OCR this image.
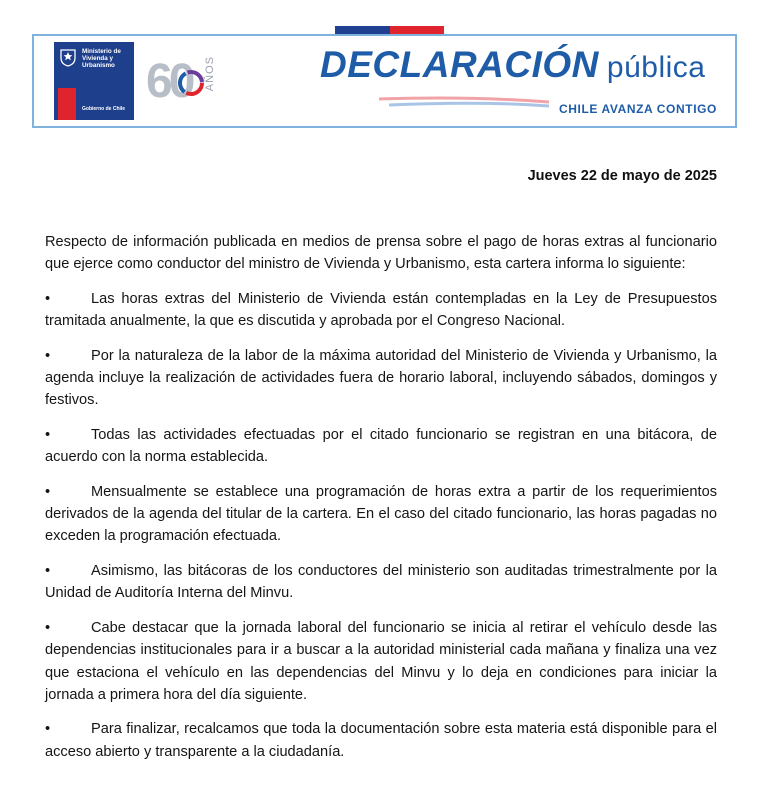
Ministerio de Vivienda y Urbanismo
Gobierno de Chile
60 AÑOS	DECLARACIÓN pública
CHILE AVANZA CONTIGO
Jueves 22 de mayo de 2025

Respecto de información publicada en medios de prensa sobre el pago de horas extras al funcionario que ejerce como conductor del ministro de Vivienda y Urbanismo, esta cartera informa lo siguiente:

•	Las horas extras del Ministerio de Vivienda están contempladas en la Ley de Presupuestos tramitada anualmente, la que es discutida y aprobada por el Congreso Nacional.
•	Por la naturaleza de la labor de la máxima autoridad del Ministerio de Vivienda y Urbanismo, la agenda incluye la realización de actividades fuera de horario laboral, incluyendo sábados, domingos y festivos.
•	Todas las actividades efectuadas por el citado funcionario se registran en una bitácora, de acuerdo con la norma establecida.
•	Mensualmente se establece una programación de horas extra a partir de los requerimientos derivados de la agenda del titular de la cartera. En el caso del citado funcionario, las horas pagadas no exceden la programación efectuada.
•	Asimismo, las bitácoras de los conductores del ministerio son auditadas trimestralmente por la Unidad de Auditoría Interna del Minvu.
•	Cabe destacar que la jornada laboral del funcionario se inicia al retirar el vehículo desde las dependencias institucionales para ir a buscar a la autoridad ministerial cada mañana y finaliza una vez que estaciona el vehículo en las dependencias del Minvu y lo deja en condiciones para iniciar la jornada a primera hora del día siguiente.
•	Para finalizar, recalcamos que toda la documentación sobre esta materia está disponible para el acceso abierto y transparente a la ciudadanía.
